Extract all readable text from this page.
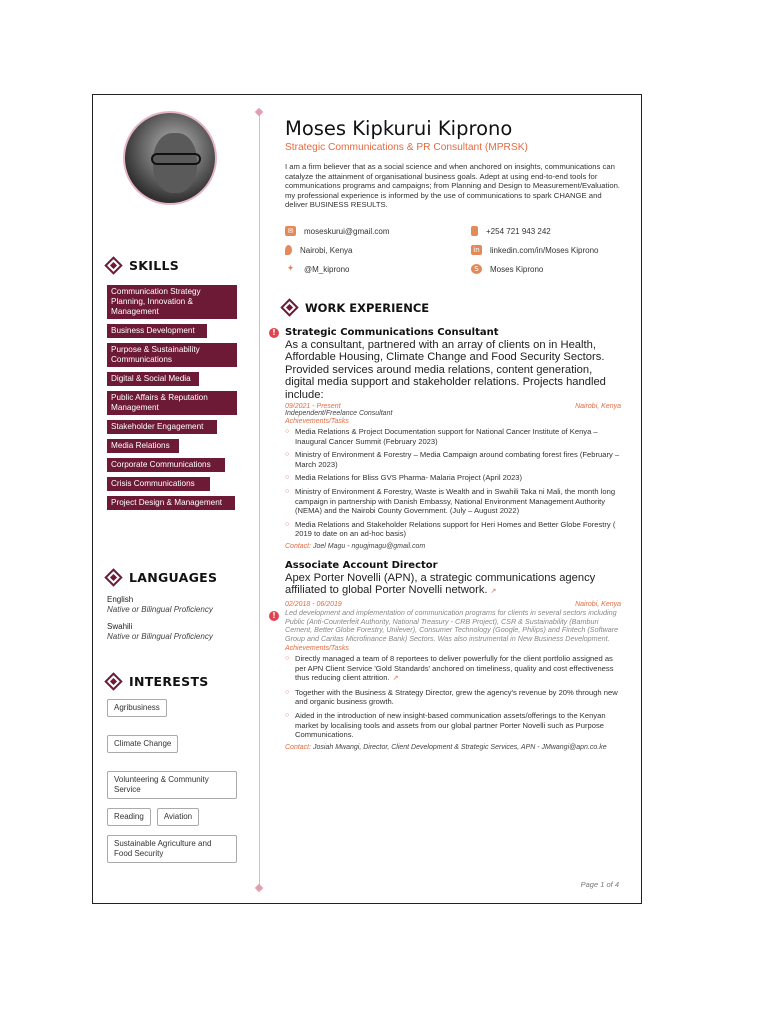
SKILLS
Communication Strategy Planning, Innovation & Management
Business Development
Purpose & Sustainability Communications
Digital & Social Media
Public Affairs & Reputation Management
Stakeholder Engagement
Media Relations
Corporate Communications
Crisis Communications
Project Design & Management
LANGUAGES
English
Native or Bilingual Proficiency
Swahili
Native or Bilingual Proficiency
INTERESTS
Agribusiness
Climate Change
Volunteering & Community Service
Reading	Aviation
Sustainable Agriculture and Food Security
Moses Kipkurui Kiprono
Strategic Communications & PR Consultant (MPRSK)
I am a firm believer that as a social science and when anchored on insights, communications can catalyze the attainment of organisational business goals. Adept at using end-to-end tools for communications programs and campaigns; from Planning and Design to Measurement/Evaluation. my professional experience is informed by the use of communications to spark CHANGE and deliver BUSINESS RESULTS.
✉	moseskurui@gmail.com	+254 721 943 242
Nairobi, Kenya	in linkedin.com/in/Moses Kiprono
✦ @M_kiprono	S	Moses Kiprono
WORK EXPERIENCE
! Strategic Communications Consultant
As a consultant, partnered with an array of clients on in Health, Affordable Housing, Climate Change and Food Security Sectors. Provided services around media relations, content generation, digital media support and stakeholder relations. Projects handled include:
09/2021 - Present	Nairobi, Kenya
Independent/Freelance Consultant
Achievements/Tasks
○ Media Relations & Project Documentation support for National Cancer Institute of Kenya – Inaugural Cancer Summit (February 2023)
○ Ministry of Environment & Forestry – Media Campaign around combating forest fires (February – March 2023)
○ Media Relations for Bliss GVS Pharma- Malaria Project (April 2023)
○ Ministry of Environment & Forestry, Waste is Wealth and in Swahili Taka ni Mali, the month long campaign in partnership with Danish Embassy, National Environment Management Authority (NEMA) and the Nairobi County Government. (July – August 2022)
○ Media Relations and Stakeholder Relations support for Heri Homes and Better Globe Forestry ( 2019 to date on an ad-hoc basis)
Contact: Joel Magu - ngugjmagu@gmail.com
Associate Account Director
Apex Porter Novelli (APN), a strategic communications agency affiliated to global Porter Novelli network. ↗
02/2018 - 06/2019	Nairobi, Kenya
!	Led development and implementation of communication programs for clients in several sectors including Public (Anti-Counterfeit Authority, National Treasury - CRB Project), CSR & Sustainability (Bamburi Cement, Better Globe Forestry, Unilever), Consumer Technology (Google, Philips) and Fintech (Software Group and Caritas Microfinance Bank) Sectors. Was also instrumental in New Business Development.
Achievements/Tasks
○ Directly managed a team of 8 reportees to deliver powerfully for the client portfolio assigned as per APN Client Service 'Gold Standards' anchored on timeliness, quality and cost effectiveness thus reducing client attrition. ↗
○ Together with the Business & Strategy Director, grew the agency's revenue by 20% through new and organic business growth.
○ Aided in the introduction of new insight-based communication assets/offerings to the Kenyan market by localising tools and assets from our global partner Porter Novelli such as Purpose Communications.
Contact: Josiah Mwangi, Director, Client Development & Strategic Services, APN - JMwangi@apn.co.ke
Page 1 of 4
